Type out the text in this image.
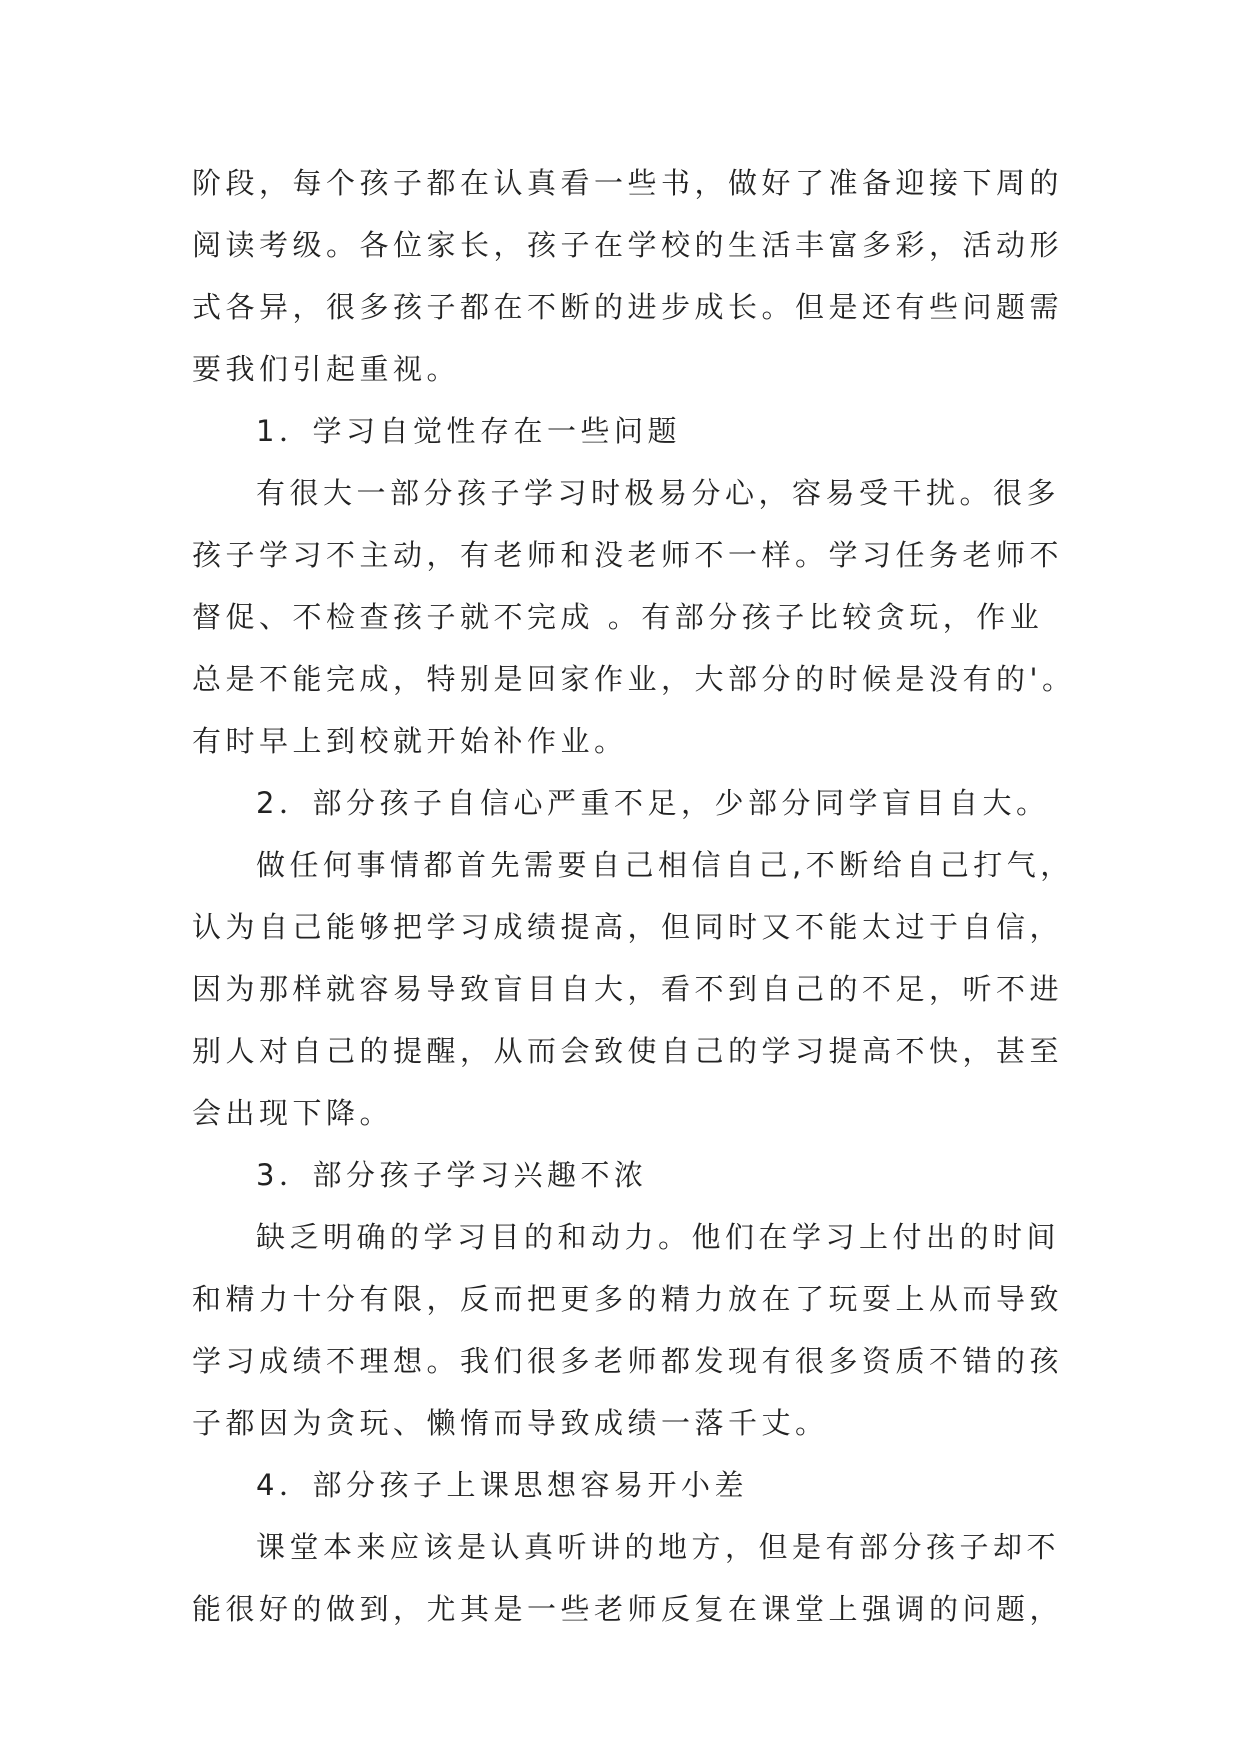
阶段，每个孩子都在认真看一些书，做好了准备迎接下周的
阅读考级。各位家长，孩子在学校的生活丰富多彩，活动形
式各异，很多孩子都在不断的进步成长。但是还有些问题需
要我们引起重视。
1．学习自觉性存在一些问题
有很大一部分孩子学习时极易分心，容易受干扰。很多
孩子学习不主动，有老师和没老师不一样。学习任务老师不
督促、不检查孩子就不完成 。有部分孩子比较贪玩，作业
总是不能完成，特别是回家作业，大部分的时候是没有的'。
有时早上到校就开始补作业。
2．部分孩子自信心严重不足，少部分同学盲目自大。
做任何事情都首先需要自己相信自己,不断给自己打气，
认为自己能够把学习成绩提高，但同时又不能太过于自信，
因为那样就容易导致盲目自大，看不到自己的不足，听不进
别人对自己的提醒，从而会致使自己的学习提高不快，甚至
会出现下降。
3．部分孩子学习兴趣不浓
缺乏明确的学习目的和动力。他们在学习上付出的时间
和精力十分有限，反而把更多的精力放在了玩耍上从而导致
学习成绩不理想。我们很多老师都发现有很多资质不错的孩
子都因为贪玩、懒惰而导致成绩一落千丈。
4．部分孩子上课思想容易开小差
课堂本来应该是认真听讲的地方，但是有部分孩子却不
能很好的做到，尤其是一些老师反复在课堂上强调的问题，
